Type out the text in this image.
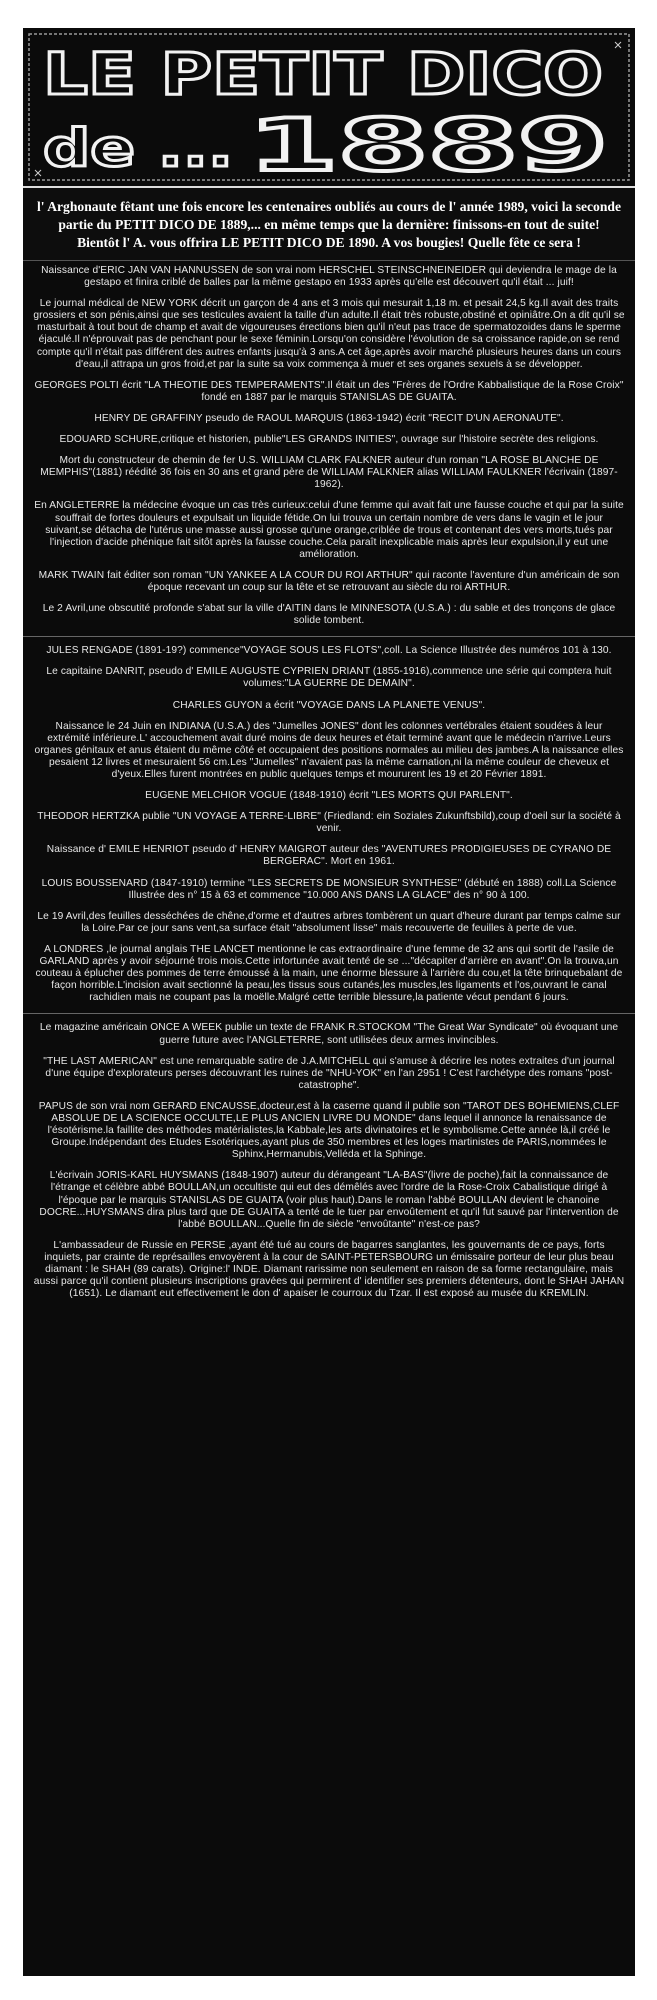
LE PETIT DICO
de ... 1889
l' Arghonaute fêtant une fois encore les centenaires oubliés au cours de l' année 1989, voici la seconde partie du PETIT DICO DE 1889,... en même temps que la dernière: finissons-en tout de suite! Bientôt l' A. vous offrira LE PETIT DICO DE 1890. A vos bougies! Quelle fête ce sera !

Naissance d'ERIC JAN VAN HANNUSSEN de son vrai nom HERSCHEL STEINSCHNEINEIDER qui deviendra le mage de la gestapo et finira criblé de balles par la même gestapo en 1933 après qu'elle est découvert qu'il était ... juif!

Le journal médical de NEW YORK décrit un garçon de 4 ans et 3 mois qui mesurait 1,18 m. et pesait 24,5 kg.Il avait des traits grossiers et son pénis,ainsi que ses testicules avaient la taille d'un adulte.Il était très robuste,obstiné et opiniâtre.On a dit qu'il se masturbait à tout bout de champ et avait de vigoureuses érections bien qu'il n'eut pas trace de spermatozoides dans le sperme éjaculé.Il n'éprouvait pas de penchant pour le sexe féminin.Lorsqu'on considère l'évolution de sa croissance rapide,on se rend compte qu'il n'était pas différent des autres enfants jusqu'à 3 ans.A cet âge,après avoir marché plusieurs heures dans un cours d'eau,il attrapa un gros froid,et par la suite sa voix commença à muer et ses organes sexuels à se développer.

GEORGES POLTI écrit "LA THEOTIE DES TEMPERAMENTS".Il était un des "Frères de l'Ordre Kabbalistique de la Rose Croix" fondé en 1887 par le marquis STANISLAS DE GUAITA.

HENRY DE GRAFFINY pseudo de RAOUL MARQUIS (1863-1942) écrit "RECIT D'UN AERONAUTE".

EDOUARD SCHURE,critique et historien, publie"LES GRANDS INITIES", ouvrage sur l'histoire secrète des religions.

Mort du constructeur de chemin de fer U.S. WILLIAM CLARK FALKNER auteur d'un roman "LA ROSE BLANCHE DE MEMPHIS"(1881) réédité 36 fois en 30 ans et grand père de WILLIAM FALKNER alias WILLIAM FAULKNER l'écrivain (1897-1962).

En ANGLETERRE la médecine évoque un cas très curieux:celui d'une femme qui avait fait une fausse couche et qui par la suite souffrait de fortes douleurs et expulsait un liquide fétide.On lui trouva un certain nombre de vers dans le vagin et le jour suivant,se détacha de l'utérus une masse aussi grosse qu'une orange,criblée de trous et contenant des vers morts,tués par l'injection d'acide phénique fait sitôt après la fausse couche.Cela paraît inexplicable mais après leur expulsion,il y eut une amélioration.

MARK TWAIN fait éditer son roman "UN YANKEE A LA COUR DU ROI ARTHUR" qui raconte l'aventure d'un américain de son époque recevant un coup sur la tête et se retrouvant au siècle du roi ARTHUR.

Le 2 Avril,une obscutité profonde s'abat sur la ville d'AITIN dans le MINNESOTA (U.S.A.) : du sable et des tronçons de glace solide tombent.

JULES RENGADE (1891-19?) commence"VOYAGE SOUS LES FLOTS",coll. La Science Illustrée des numéros 101 à 130.

Le capitaine DANRIT, pseudo d' EMILE AUGUSTE CYPRIEN DRIANT (1855-1916),commence une série qui comptera huit volumes:"LA GUERRE DE DEMAIN".

CHARLES GUYON a écrit "VOYAGE DANS LA PLANETE VENUS".

Naissance le 24 Juin en INDIANA (U.S.A.) des "Jumelles JONES" dont les colonnes vertébrales étaient soudées à leur extrémité inférieure.L' accouchement avait duré moins de deux heures et était terminé avant que le médecin n'arrive.Leurs organes génitaux et anus étaient du même côté et occupaient des positions normales au milieu des jambes.A la naissance elles pesaient 12 livres et mesuraient 56 cm.Les "Jumelles" n'avaient pas la même carnation,ni la même couleur de cheveux et d'yeux.Elles furent montrées en public quelques temps et moururent les 19 et 20 Février 1891.

EUGENE MELCHIOR VOGUE (1848-1910) écrit "LES MORTS QUI PARLENT".

THEODOR HERTZKA publie "UN VOYAGE A TERRE-LIBRE" (Friedland: ein Soziales Zukunftsbild),coup d'oeil sur la société à venir.

Naissance d' EMILE HENRIOT pseudo d' HENRY MAIGROT auteur des "AVENTURES PRODIGIEUSES DE CYRANO DE BERGERAC". Mort en 1961.

LOUIS BOUSSENARD (1847-1910) termine "LES SECRETS DE MONSIEUR SYNTHESE" (débuté en 1888) coll.La Science Illustrée des n° 15 à 63 et commence "10.000 ANS DANS LA GLACE" des n° 90 à 100.

Le 19 Avril,des feuilles desséchées de chêne,d'orme et d'autres arbres tombèrent un quart d'heure durant par temps calme sur la Loire.Par ce jour sans vent,sa surface était "absolument lisse" mais recouverte de feuilles à perte de vue.

A LONDRES ,le journal anglais THE LANCET mentionne le cas extraordinaire d'une femme de 32 ans qui sortit de l'asile de GARLAND après y avoir séjourné trois mois.Cette infortunée avait tenté de se ..."décapiter d'arrière en avant".On la trouva,un couteau à éplucher des pommes de terre émoussé à la main, une énorme blessure à l'arrière du cou,et la tête brinquebalant de façon horrible.L'incision avait sectionné la peau,les tissus sous cutanés,les muscles,les ligaments et l'os,ouvrant le canal rachidien mais ne coupant pas la moëlle.Malgré cette terrible blessure,la patiente vécut pendant 6 jours.

Le magazine américain ONCE A WEEK publie un texte de FRANK R.STOCKOM "The Great War Syndicate" où évoquant une guerre future avec l'ANGLETERRE, sont utilisées deux armes invincibles.

"THE LAST AMERICAN" est une remarquable satire de J.A.MITCHELL qui s'amuse à décrire les notes extraites d'un journal d'une équipe d'explorateurs perses découvrant les ruines de "NHU-YOK" en l'an 2951 ! C'est l'archétype des romans "post-catastrophe".

PAPUS de son vrai nom GERARD ENCAUSSE,docteur,est à la caserne quand il publie son "TAROT DES BOHEMIENS,CLEF ABSOLUE DE LA SCIENCE OCCULTE,LE PLUS ANCIEN LIVRE DU MONDE" dans lequel il annonce la renaissance de l'ésotérisme.la faillite des méthodes matérialistes,la Kabbale,les arts divinatoires et le symbolisme.Cette année là,il créé le Groupe.Indépendant des Etudes Esotériques,ayant plus de 350 membres et les loges martinistes de PARIS,nommées le Sphinx,Hermanubis,Velléda et la Sphinge.

L'écrivain JORIS-KARL HUYSMANS (1848-1907) auteur du dérangeant "LA-BAS"(livre de poche),fait la connaissance de l'étrange et célèbre abbé BOULLAN,un occultiste qui eut des démêlés avec l'ordre de la Rose-Croix Cabalistique dirigé à l'époque par le marquis STANISLAS DE GUAITA (voir plus haut).Dans le roman l'abbé BOULLAN devient le chanoine DOCRE...HUYSMANS dira plus tard que DE GUAITA a tenté de le tuer par envoûtement et qu'il fut sauvé par l'intervention de l'abbé BOULLAN...Quelle fin de siècle "envoûtante" n'est-ce pas?

L'ambassadeur de Russie en PERSE ,ayant été tué au cours de bagarres sanglantes, les gouvernants de ce pays, forts inquiets, par crainte de représailles envoyèrent à la cour de SAINT-PETERSBOURG un émissaire porteur de leur plus beau diamant : le SHAH (89 carats). Origine:l' INDE. Diamant rarissime non seulement en raison de sa forme rectangulaire, mais aussi parce qu'il contient plusieurs inscriptions gravées qui permirent d' identifier ses premiers détenteurs, dont le SHAH JAHAN (1651). Le diamant eut effectivement le don d' apaiser le courroux du Tzar. Il est exposé au musée du KREMLIN.
